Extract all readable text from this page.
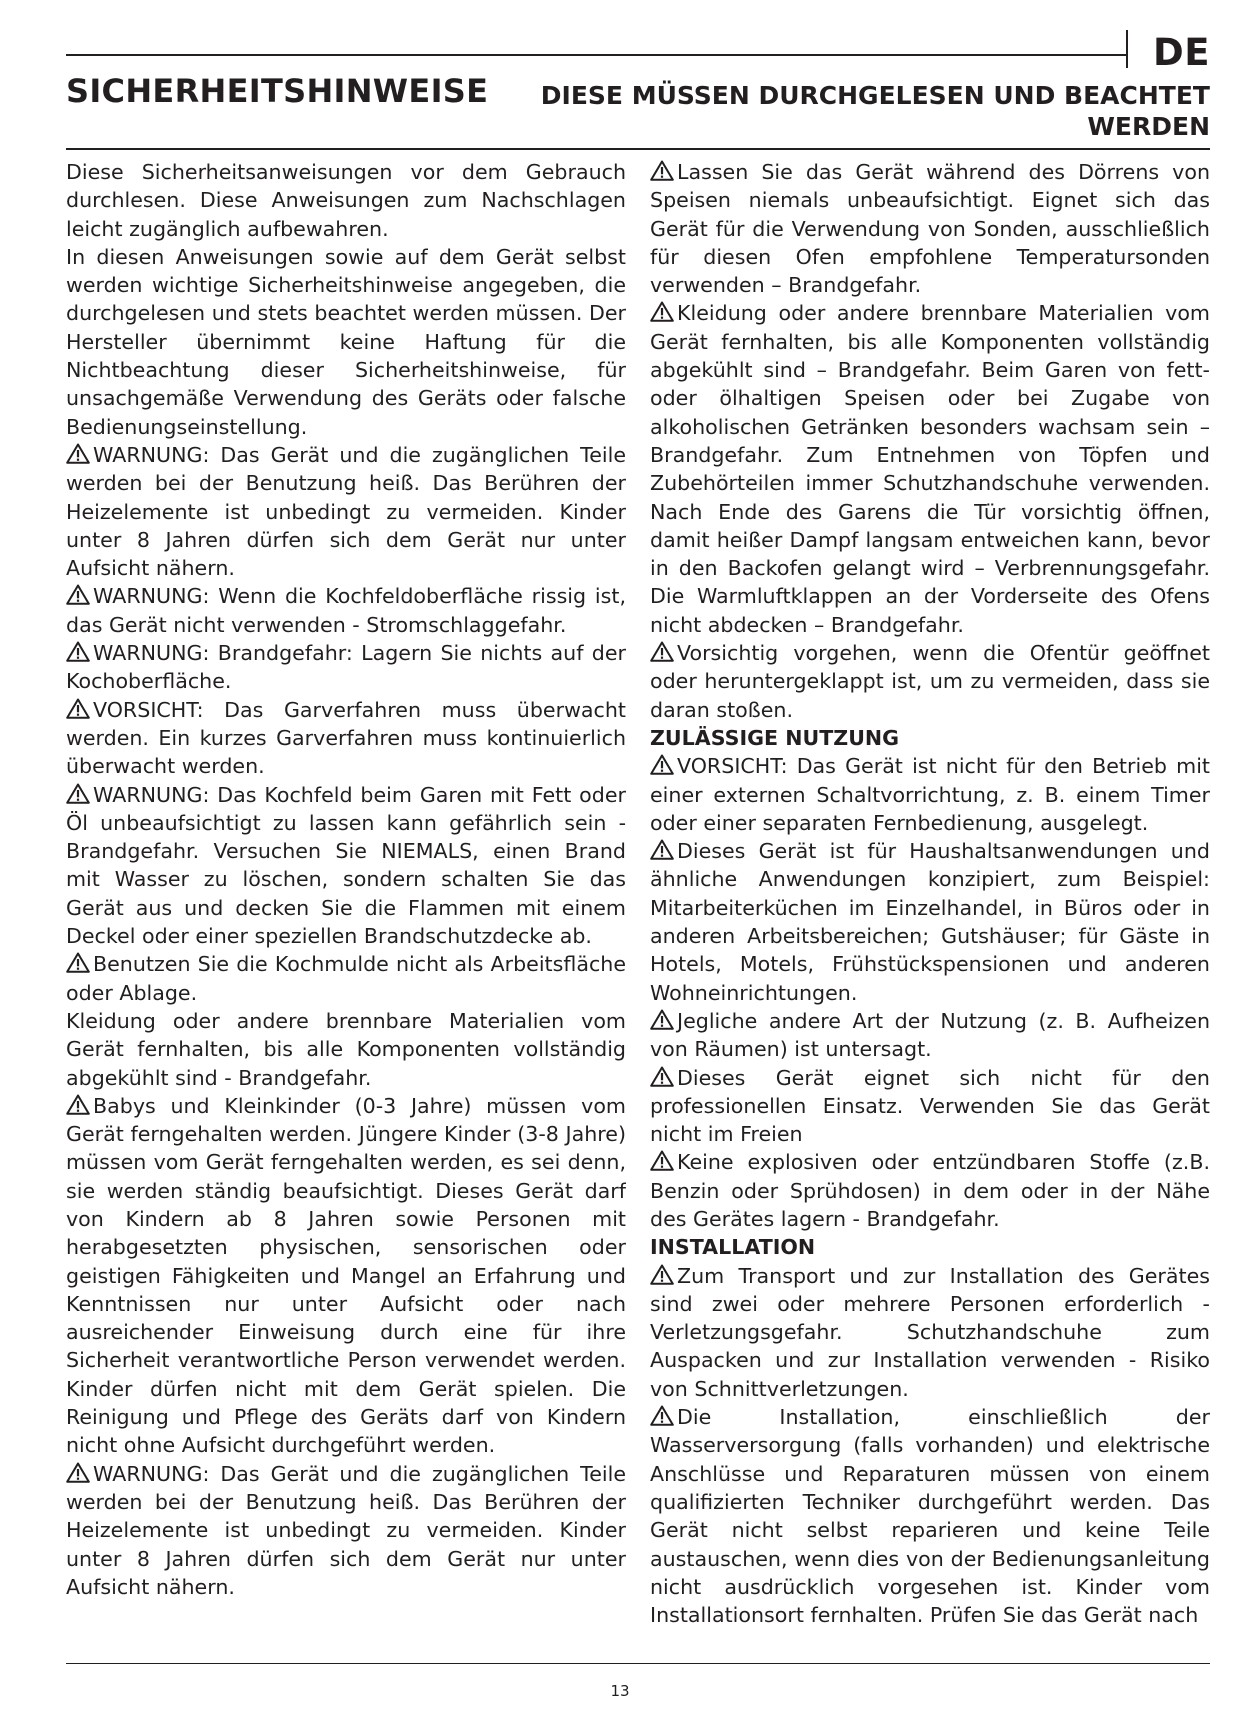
DE
SICHERHEITSHINWEISE	DIESE MÜSSEN DURCHGELESEN UND BEACHTET WERDEN

Diese Sicherheitsanweisungen vor dem Gebrauch durchlesen. Diese Anweisungen zum Nachschlagen leicht zugänglich aufbewahren.

In diesen Anweisungen sowie auf dem Gerät selbst werden wichtige Sicherheitshinweise angegeben, die durchgelesen und stets beachtet werden müssen. Der Hersteller übernimmt keine Haftung für die Nichtbeachtung dieser Sicherheitshinweise, für unsachgemäße Verwendung des Geräts oder falsche Bedienungseinstellung.

WARNUNG: Das Gerät und die zugänglichen Teile werden bei der Benutzung heiß. Das Berühren der Heizelemente ist unbedingt zu vermeiden. Kinder unter 8 Jahren dürfen sich dem Gerät nur unter Aufsicht nähern.

WARNUNG: Wenn die Kochfeldoberfläche rissig ist, das Gerät nicht verwenden - Stromschlaggefahr.

WARNUNG: Brandgefahr: Lagern Sie nichts auf der Kochoberfläche.

VORSICHT: Das Garverfahren muss überwacht werden. Ein kurzes Garverfahren muss kontinuierlich überwacht werden.

WARNUNG: Das Kochfeld beim Garen mit Fett oder Öl unbeaufsichtigt zu lassen kann gefährlich sein - Brandgefahr. Versuchen Sie NIEMALS, einen Brand mit Wasser zu löschen, sondern schalten Sie das Gerät aus und decken Sie die Flammen mit einem Deckel oder einer speziellen Brandschutzdecke ab.

Benutzen Sie die Kochmulde nicht als Arbeitsfläche oder Ablage.

Kleidung oder andere brennbare Materialien vom Gerät fernhalten, bis alle Komponenten vollständig abgekühlt sind - Brandgefahr.

Babys und Kleinkinder (0-3 Jahre) müssen vom Gerät ferngehalten werden. Jüngere Kinder (3-8 Jahre) müssen vom Gerät ferngehalten werden, es sei denn, sie werden ständig beaufsichtigt. Dieses Gerät darf von Kindern ab 8 Jahren sowie Personen mit herabgesetzten physischen, sensorischen oder geistigen Fähigkeiten und Mangel an Erfahrung und Kenntnissen nur unter Aufsicht oder nach ausreichender Einweisung durch eine für ihre Sicherheit verantwortliche Person verwendet werden. Kinder dürfen nicht mit dem Gerät spielen. Die Reinigung und Pflege des Geräts darf von Kindern nicht ohne Aufsicht durchgeführt werden.

WARNUNG: Das Gerät und die zugänglichen Teile werden bei der Benutzung heiß. Das Berühren der Heizelemente ist unbedingt zu vermeiden. Kinder unter 8 Jahren dürfen sich dem Gerät nur unter Aufsicht nähern.

Lassen Sie das Gerät während des Dörrens von Speisen niemals unbeaufsichtigt. Eignet sich das Gerät für die Verwendung von Sonden, ausschließlich für diesen Ofen empfohlene Temperatursonden verwenden – Brandgefahr.

Kleidung oder andere brennbare Materialien vom Gerät fernhalten, bis alle Komponenten vollständig abgekühlt sind – Brandgefahr. Beim Garen von fett- oder ölhaltigen Speisen oder bei Zugabe von alkoholischen Getränken besonders wachsam sein – Brandgefahr. Zum Entnehmen von Töpfen und Zubehörteilen immer Schutzhandschuhe verwenden. Nach Ende des Garens die Tür vorsichtig öffnen, damit heißer Dampf langsam entweichen kann, bevor in den Backofen gelangt wird – Verbrennungsgefahr. Die Warmluftklappen an der Vorderseite des Ofens nicht abdecken – Brandgefahr.

Vorsichtig vorgehen, wenn die Ofentür geöffnet oder heruntergeklappt ist, um zu vermeiden, dass sie daran stoßen.

ZULÄSSIGE NUTZUNG

VORSICHT: Das Gerät ist nicht für den Betrieb mit einer externen Schaltvorrichtung, z. B. einem Timer oder einer separaten Fernbedienung, ausgelegt.

Dieses Gerät ist für Haushaltsanwendungen und ähnliche Anwendungen konzipiert, zum Beispiel: Mitarbeiterküchen im Einzelhandel, in Büros oder in anderen Arbeitsbereichen; Gutshäuser; für Gäste in Hotels, Motels, Frühstückspensionen und anderen Wohneinrichtungen.

Jegliche andere Art der Nutzung (z. B. Aufheizen von Räumen) ist untersagt.

Dieses Gerät eignet sich nicht für den professionellen Einsatz. Verwenden Sie das Gerät nicht im Freien

Keine explosiven oder entzündbaren Stoffe (z.B. Benzin oder Sprühdosen) in dem oder in der Nähe des Gerätes lagern - Brandgefahr.

INSTALLATION

Zum Transport und zur Installation des Gerätes sind zwei oder mehrere Personen erforderlich - Verletzungsgefahr. Schutzhandschuhe zum Auspacken und zur Installation verwenden - Risiko von Schnittverletzungen.

Die Installation, einschließlich der Wasserversorgung (falls vorhanden) und elektrische Anschlüsse und Reparaturen müssen von einem qualifizierten Techniker durchgeführt werden. Das Gerät nicht selbst reparieren und keine Teile austauschen, wenn dies von der Bedienungsanleitung nicht ausdrücklich vorgesehen ist. Kinder vom Installationsort fernhalten. Prüfen Sie das Gerät nach

13
